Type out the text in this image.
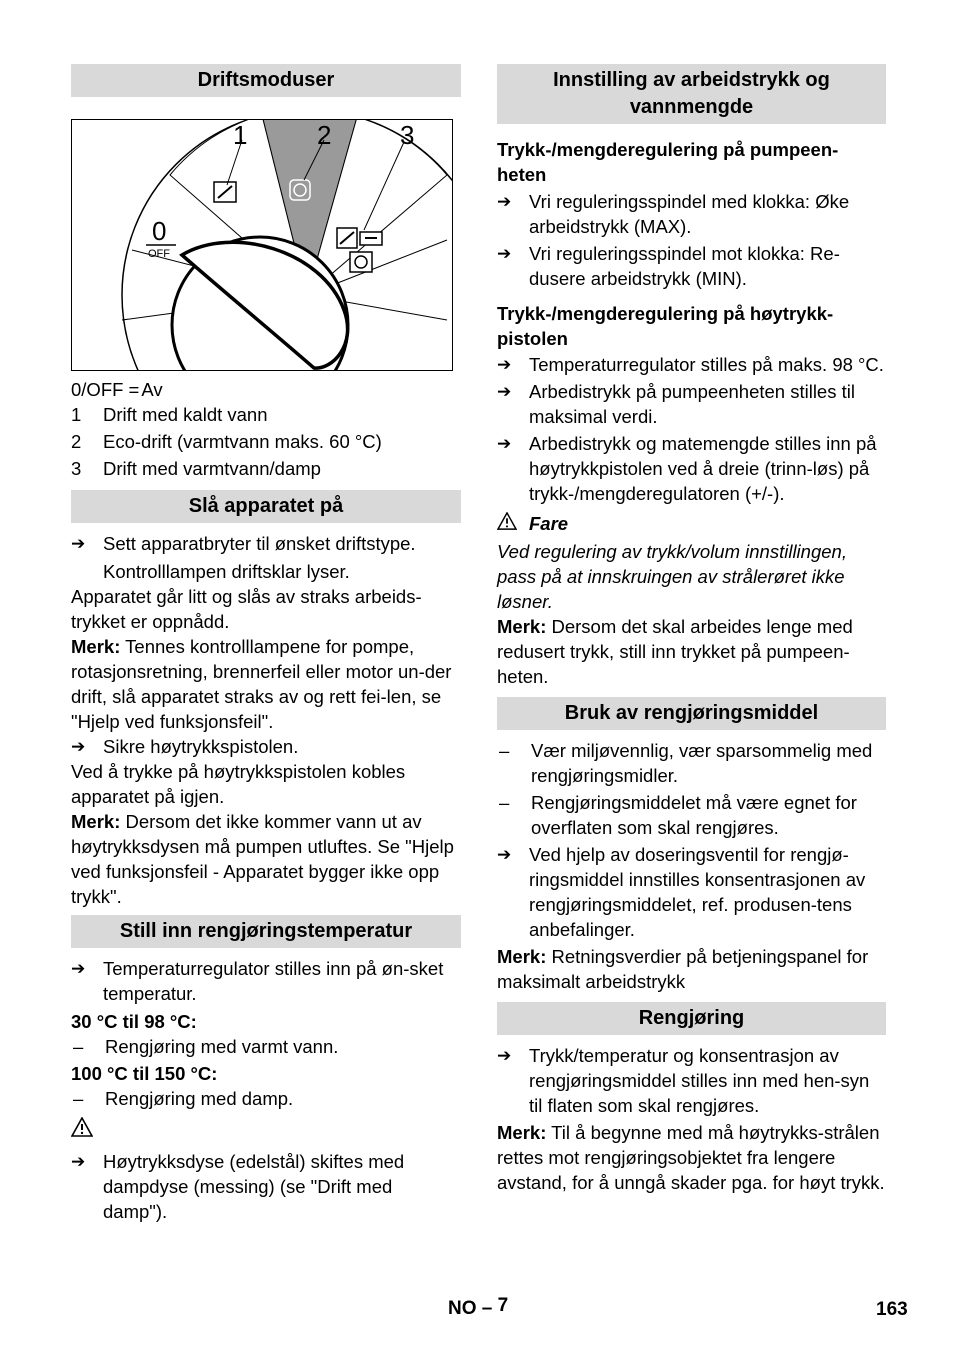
Driftsmoduser
1	2	3
0
OFF
0/OFF = Av
1	Drift med kaldt vann
2	Eco-drift (varmtvann maks. 60 °C)
3	Drift med varmtvann/damp
Slå apparatet på
➔ Sett apparatbryter til ønsket driftstype.
Kontrolllampen driftsklar lyser.

Apparatet går litt og slås av straks arbeids-trykket er oppnådd.

Merk: Tennes kontrolllampene for pompe, rotasjonsretning, brennerfeil eller motor un-der drift, slå apparatet straks av og rett fei-len, se "Hjelp ved funksjonsfeil".

➔ Sikre høytrykkspistolen.

Ved å trykke på høytrykkspistolen kobles apparatet på igjen.

Merk: Dersom det ikke kommer vann ut av høytrykksdysen må pumpen utluftes. Se "Hjelp ved funksjonsfeil - Apparatet bygger ikke opp trykk".

Still inn rengjøringstemperatur
➔ Temperaturregulator stilles inn på øn-sket temperatur.

30 °C til 98 °C:

–	Rengjøring med varmt vann.

100 °C til 150 °C:

–	Rengjøring med damp.
➔ Høytrykksdyse (edelstål) skiftes med dampdyse (messing) (se "Drift med damp").
Innstilling av arbeidstrykk og vannmengde

Trykk-/mengderegulering på pumpeen-heten

➔ Vri reguleringsspindel med klokka: Øke arbeidstrykk (MAX).
➔ Vri reguleringsspindel mot klokka: Re-dusere arbeidstrykk (MIN).

Trykk-/mengderegulering på høytrykk-pistolen

➔ Temperaturregulator stilles på maks. 98 °C.
➔ Arbedistrykk på pumpeenheten stilles til maksimal verdi.
➔ Arbedistrykk og matemengde stilles inn på høytrykkpistolen ved å dreie (trinn-løs) på trykk-/mengderegulatoren (+/-).
Fare

Ved regulering av trykk/volum innstillingen, pass på at innskruingen av strålerøret ikke løsner.

Merk: Dersom det skal arbeides lenge med redusert trykk, still inn trykket på pumpeen-heten.

Bruk av rengjøringsmiddel
–	Vær miljøvennlig, vær sparsommelig med rengjøringsmidler.
–	Rengjøringsmiddelet må være egnet for overflaten som skal rengjøres.
➔ Ved hjelp av doseringsventil for rengjø-ringsmiddel innstilles konsentrasjonen av rengjøringsmiddelet, ref. produsen-tens anbefalinger.

Merk: Retningsverdier på betjeningspanel for maksimalt arbeidstrykk

Rengjøring
➔ Trykk/temperatur og konsentrasjon av rengjøringsmiddel stilles inn med hen-syn til flaten som skal rengjøres.

Merk: Til å begynne med må høytrykks-strålen rettes mot rengjøringsobjektet fra lengere avstand, for å unngå skader pga. for høyt trykk.

NO – 7	163
